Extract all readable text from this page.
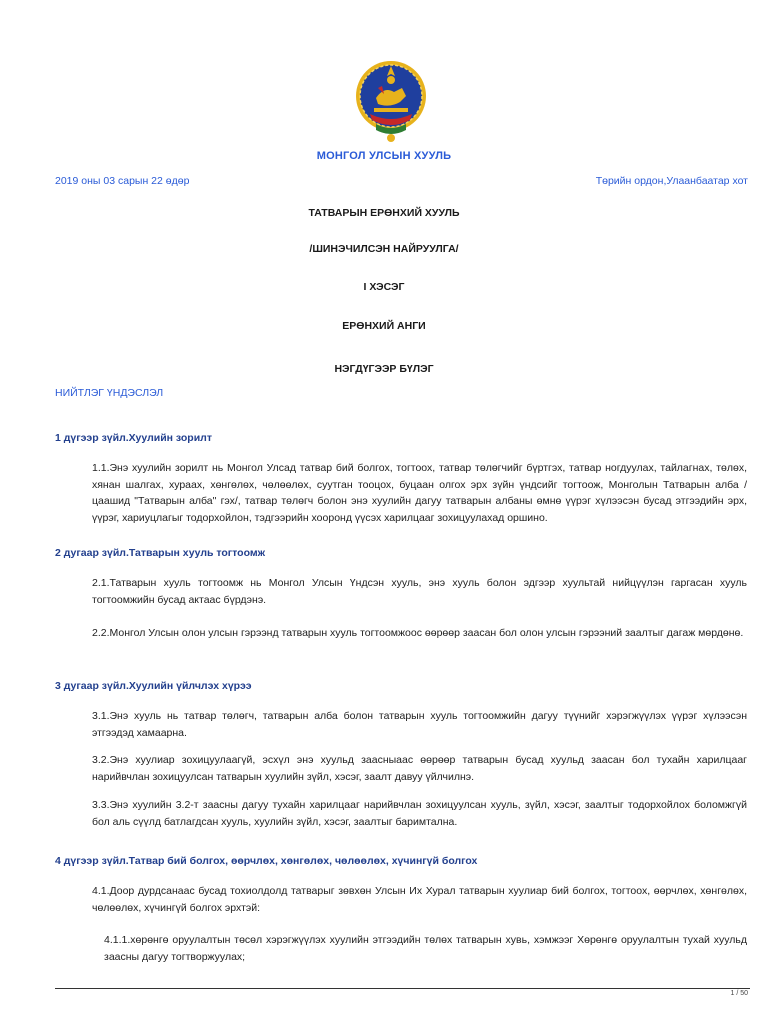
МОНГОЛ УЛСЫН ХУУЛЬ
2019 оны 03 сарын 22 өдөр	Төрийн ордон,Улаанбаатар хот
ТАТВАРЫН ЕРӨНХИЙ ХУУЛЬ
/ШИНЭЧИЛСЭН НАЙРУУЛГА/
I ХЭСЭГ
ЕРӨНХИЙ АНГИ
НЭГДҮГЭЭР БҮЛЭГ
НИЙТЛЭГ ҮНДЭСЛЭЛ
1 дүгээр зүйл.Хуулийн зорилт
1.1.Энэ хуулийн зорилт нь Монгол Улсад татвар бий болгох, тогтоох, татвар төлөгчийг бүртгэх, татвар ногдуулах, тайлагнах, төлөх, хянан шалгах, хураах, хөнгөлөх, чөлөөлөх, суутган тооцох, буцаан олгох эрх зүйн үндсийг тогтоож, Монголын Татварын алба /цаашид "Татварын алба" гэх/, татвар төлөгч болон энэ хуулийн дагуу татварын албаны өмнө үүрэг хүлээсэн бусад этгээдийн эрх, үүрэг, хариуцлагыг тодорхойлон, тэдгээрийн хооронд үүсэх харилцааг зохицуулахад оршино.
2 дугаар зүйл.Татварын хууль тогтоомж
2.1.Татварын хууль тогтоомж нь Монгол Улсын Үндсэн хууль, энэ хууль болон эдгээр хуультай нийцүүлэн гаргасан хууль тогтоомжийн бусад актаас бүрдэнэ.
2.2.Монгол Улсын олон улсын гэрээнд татварын хууль тогтоомжоос өөрөөр заасан бол олон улсын гэрээний заалтыг дагаж мөрдөнө.
3 дугаар зүйл.Хуулийн үйлчлэх хүрээ
3.1.Энэ хууль нь татвар төлөгч, татварын алба болон татварын хууль тогтоомжийн дагуу түүнийг хэрэгжүүлэх үүрэг хүлээсэн этгээдэд хамаарна.
3.2.Энэ хуулиар зохицуулаагүй, эсхүл энэ хуульд заасныаас өөрөөр татварын бусад хуульд заасан бол тухайн харилцааг нарийвчлан зохицуулсан татварын хуулийн зүйл, хэсэг, заалт давуу үйлчилнэ.
3.3.Энэ хуулийн 3.2-т заасны дагуу тухайн харилцааг нарийвчлан зохицуулсан хууль, зүйл, хэсэг, заалтыг тодорхойлох боломжгүй бол аль сүүлд батлагдсан хууль, хуулийн зүйл, хэсэг, заалтыг баримтална.
4 дүгээр зүйл.Татвар бий болгох, өөрчлөх, хөнгөлөх, чөлөөлөх, хүчингүй болгох
4.1.Доор дурдсанаас бусад тохиолдолд татварыг зөвхөн Улсын Их Хурал татварын хуулиар бий болгох, тогтоох, өөрчлөх, хөнгөлөх, чөлөөлөх, хүчингүй болгох эрхтэй:
4.1.1.хөрөнгө оруулалтын төсөл хэрэгжүүлэх хуулийн этгээдийн төлөх татварын хувь, хэмжээг Хөрөнгө оруулалтын тухай хуульд заасны дагуу тогтворжуулах;
1 / 50
